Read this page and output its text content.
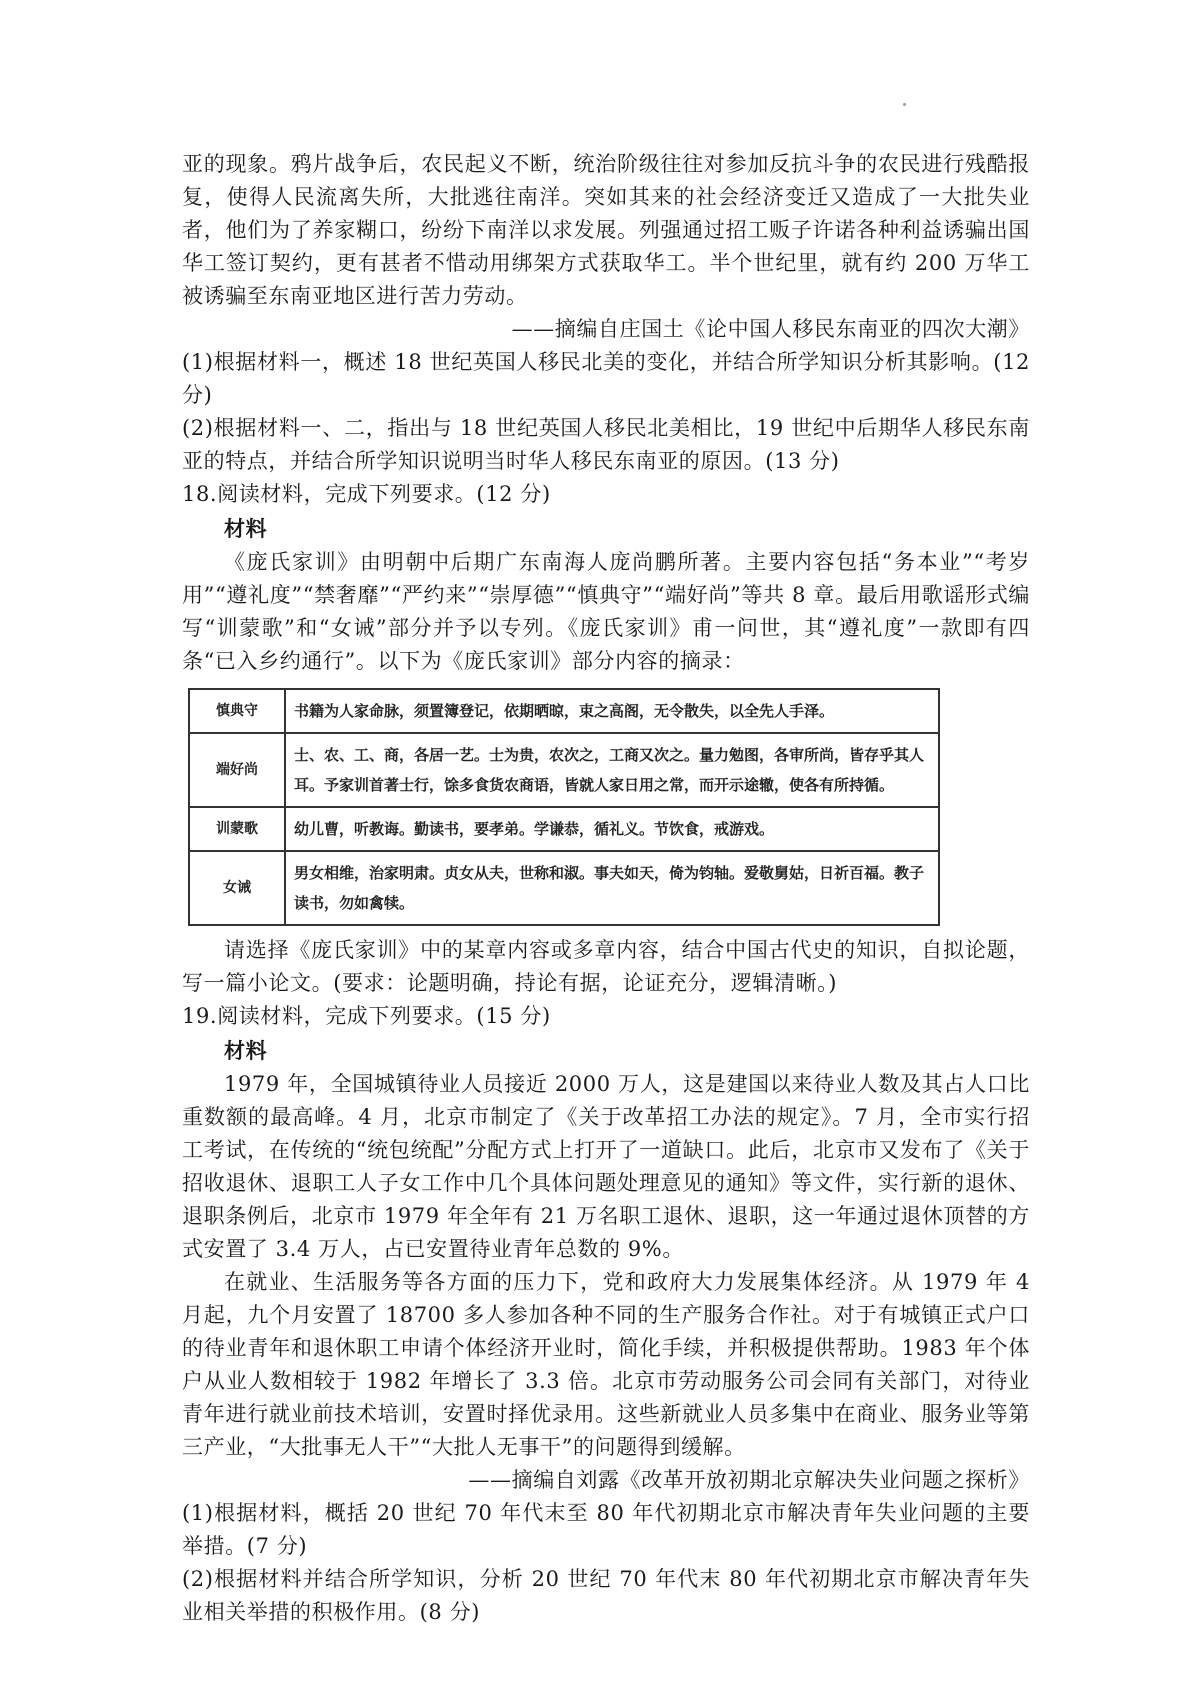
亚的现象。鸦片战争后，农民起义不断，统治阶级往往对参加反抗斗争的农民进行残酷报复，使得人民流离失所，大批逃往南洋。突如其来的社会经济变迁又造成了一大批失业者，他们为了养家糊口，纷纷下南洋以求发展。列强通过招工贩子许诺各种利益诱骗出国华工签订契约，更有甚者不惜动用绑架方式获取华工。半个世纪里，就有约 200 万华工被诱骗至东南亚地区进行苦力劳动。

——摘编自庄国土《论中国人移民东南亚的四次大潮》

(1)根据材料一，概述 18 世纪英国人移民北美的变化，并结合所学知识分析其影响。(12 分)

(2)根据材料一、二，指出与 18 世纪英国人移民北美相比，19 世纪中后期华人移民东南亚的特点，并结合所学知识说明当时华人移民东南亚的原因。(13 分)

18.阅读材料，完成下列要求。(12 分)

材料

《庞氏家训》由明朝中后期广东南海人庞尚鹏所著。主要内容包括“务本业”“考岁用”“遵礼度”“禁奢靡”“严约来”“崇厚德”“慎典守”“端好尚”等共 8 章。最后用歌谣形式编写“训蒙歌”和“女诫”部分并予以专列。《庞氏家训》甫一问世，其“遵礼度”一款即有四条“已入乡约通行”。以下为《庞氏家训》部分内容的摘录：

慎典守	书籍为人家命脉，须置簿登记，依期晒晾，束之高阁，无令散失，以全先人手泽。
端好尚	士、农、工、商，各居一艺。士为贵，农次之，工商又次之。量力勉图，各审所尚，皆存乎其人耳。予家训首著士行，馀多食货农商语，皆就人家日用之常，而开示途辙，使各有所持循。
训蒙歌	幼儿曹，听教诲。勤读书，要孝弟。学谦恭，循礼义。节饮食，戒游戏。
女诫	男女相维，治家明肃。贞女从夫，世称和淑。事夫如天，倚为钧轴。爱敬舅姑，日祈百福。教子读书，勿如禽犊。

请选择《庞氏家训》中的某章内容或多章内容，结合中国古代史的知识，自拟论题，写一篇小论文。(要求：论题明确，持论有据，论证充分，逻辑清晰。)

19.阅读材料，完成下列要求。(15 分)

材料

1979 年，全国城镇待业人员接近 2000 万人，这是建国以来待业人数及其占人口比重数额的最高峰。4 月，北京市制定了《关于改革招工办法的规定》。7 月，全市实行招工考试，在传统的“统包统配”分配方式上打开了一道缺口。此后，北京市又发布了《关于招收退休、退职工人子女工作中几个具体问题处理意见的通知》等文件，实行新的退休、退职条例后，北京市 1979 年全年有 21 万名职工退休、退职，这一年通过退休顶替的方式安置了 3.4 万人，占已安置待业青年总数的 9%。

在就业、生活服务等各方面的压力下，党和政府大力发展集体经济。从 1979 年 4 月起，九个月安置了 18700 多人参加各种不同的生产服务合作社。对于有城镇正式户口的待业青年和退休职工申请个体经济开业时，简化手续，并积极提供帮助。1983 年个体户从业人数相较于 1982 年增长了 3.3 倍。北京市劳动服务公司会同有关部门，对待业青年进行就业前技术培训，安置时择优录用。这些新就业人员多集中在商业、服务业等第三产业，“大批事无人干”“大批人无事干”的问题得到缓解。

——摘编自刘露《改革开放初期北京解决失业问题之探析》

(1)根据材料，概括 20 世纪 70 年代末至 80 年代初期北京市解决青年失业问题的主要举措。(7 分)

(2)根据材料并结合所学知识，分析 20 世纪 70 年代末 80 年代初期北京市解决青年失业相关举措的积极作用。(8 分)
